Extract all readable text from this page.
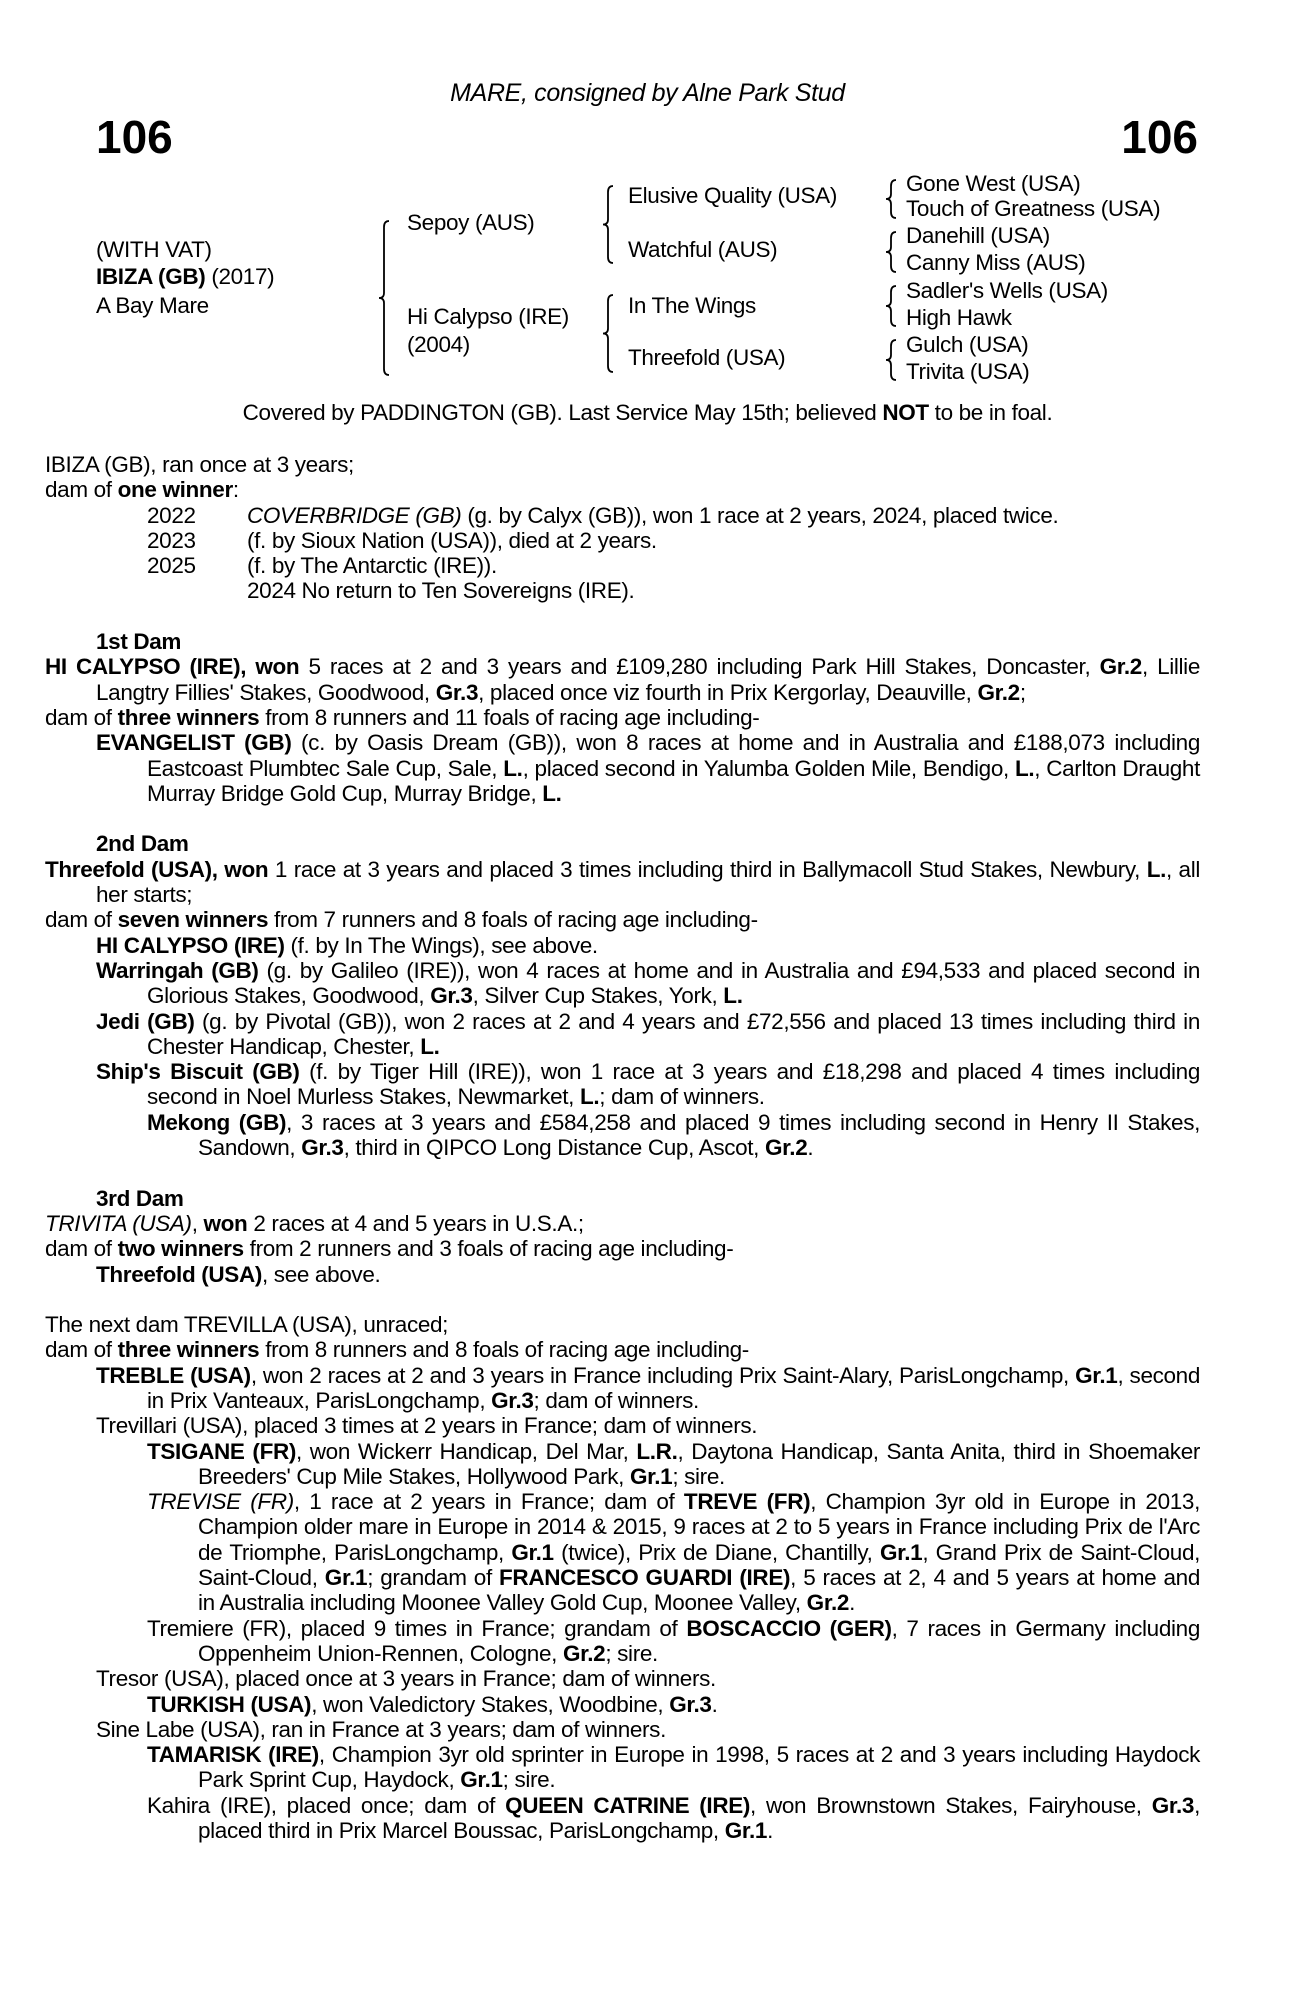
MARE, consigned by Alne Park Stud
106	106
(WITH VAT)
IBIZA (GB) (2017)
A Bay Mare
Sepoy (AUS)
Hi Calypso (IRE)
(2004)
Elusive Quality (USA)
Watchful (AUS)
In The Wings
Threefold (USA)
Gone West (USA)
Touch of Greatness (USA)
Danehill (USA)
Canny Miss (AUS)
Sadler's Wells (USA)
High Hawk
Gulch (USA)
Trivita (USA)
Covered by PADDINGTON (GB). Last Service May 15th; believed NOT to be in foal.
IBIZA (GB), ran once at 3 years;
dam of one winner:
2022	COVERBRIDGE (GB) (g. by Calyx (GB)), won 1 race at 2 years, 2024, placed twice.
2023	(f. by Sioux Nation (USA)), died at 2 years.
2025	(f. by The Antarctic (IRE)).
2024 No return to Ten Sovereigns (IRE).
1st Dam
HI CALYPSO (IRE), won 5 races at 2 and 3 years and £109,280 including Park Hill Stakes, Doncaster, Gr.2, Lillie Langtry Fillies' Stakes, Goodwood, Gr.3, placed once viz fourth in Prix Kergorlay, Deauville, Gr.2;
dam of three winners from 8 runners and 11 foals of racing age including-
EVANGELIST (GB) (c. by Oasis Dream (GB)), won 8 races at home and in Australia and £188,073 including Eastcoast Plumbtec Sale Cup, Sale, L., placed second in Yalumba Golden Mile, Bendigo, L., Carlton Draught Murray Bridge Gold Cup, Murray Bridge, L.
2nd Dam
Threefold (USA), won 1 race at 3 years and placed 3 times including third in Ballymacoll Stud Stakes, Newbury, L., all her starts;
dam of seven winners from 7 runners and 8 foals of racing age including-
HI CALYPSO (IRE) (f. by In The Wings), see above.
Warringah (GB) (g. by Galileo (IRE)), won 4 races at home and in Australia and £94,533 and placed second in Glorious Stakes, Goodwood, Gr.3, Silver Cup Stakes, York, L.
Jedi (GB) (g. by Pivotal (GB)), won 2 races at 2 and 4 years and £72,556 and placed 13 times including third in Chester Handicap, Chester, L.
Ship's Biscuit (GB) (f. by Tiger Hill (IRE)), won 1 race at 3 years and £18,298 and placed 4 times including second in Noel Murless Stakes, Newmarket, L.; dam of winners.
Mekong (GB), 3 races at 3 years and £584,258 and placed 9 times including second in Henry II Stakes, Sandown, Gr.3, third in QIPCO Long Distance Cup, Ascot, Gr.2.
3rd Dam
TRIVITA (USA), won 2 races at 4 and 5 years in U.S.A.;
dam of two winners from 2 runners and 3 foals of racing age including-
Threefold (USA), see above.
The next dam TREVILLA (USA), unraced;
dam of three winners from 8 runners and 8 foals of racing age including-
TREBLE (USA), won 2 races at 2 and 3 years in France including Prix Saint-Alary, ParisLongchamp, Gr.1, second in Prix Vanteaux, ParisLongchamp, Gr.3; dam of winners.
Trevillari (USA), placed 3 times at 2 years in France; dam of winners.
TSIGANE (FR), won Wickerr Handicap, Del Mar, L.R., Daytona Handicap, Santa Anita, third in Shoemaker Breeders' Cup Mile Stakes, Hollywood Park, Gr.1; sire.
TREVISE (FR), 1 race at 2 years in France; dam of TREVE (FR), Champion 3yr old in Europe in 2013, Champion older mare in Europe in 2014 & 2015, 9 races at 2 to 5 years in France including Prix de l'Arc de Triomphe, ParisLongchamp, Gr.1 (twice), Prix de Diane, Chantilly, Gr.1, Grand Prix de Saint-Cloud, Saint-Cloud, Gr.1; grandam of FRANCESCO GUARDI (IRE), 5 races at 2, 4 and 5 years at home and in Australia including Moonee Valley Gold Cup, Moonee Valley, Gr.2.
Tremiere (FR), placed 9 times in France; grandam of BOSCACCIO (GER), 7 races in Germany including Oppenheim Union-Rennen, Cologne, Gr.2; sire.
Tresor (USA), placed once at 3 years in France; dam of winners.
TURKISH (USA), won Valedictory Stakes, Woodbine, Gr.3.
Sine Labe (USA), ran in France at 3 years; dam of winners.
TAMARISK (IRE), Champion 3yr old sprinter in Europe in 1998, 5 races at 2 and 3 years including Haydock Park Sprint Cup, Haydock, Gr.1; sire.
Kahira (IRE), placed once; dam of QUEEN CATRINE (IRE), won Brownstown Stakes, Fairyhouse, Gr.3, placed third in Prix Marcel Boussac, ParisLongchamp, Gr.1.
